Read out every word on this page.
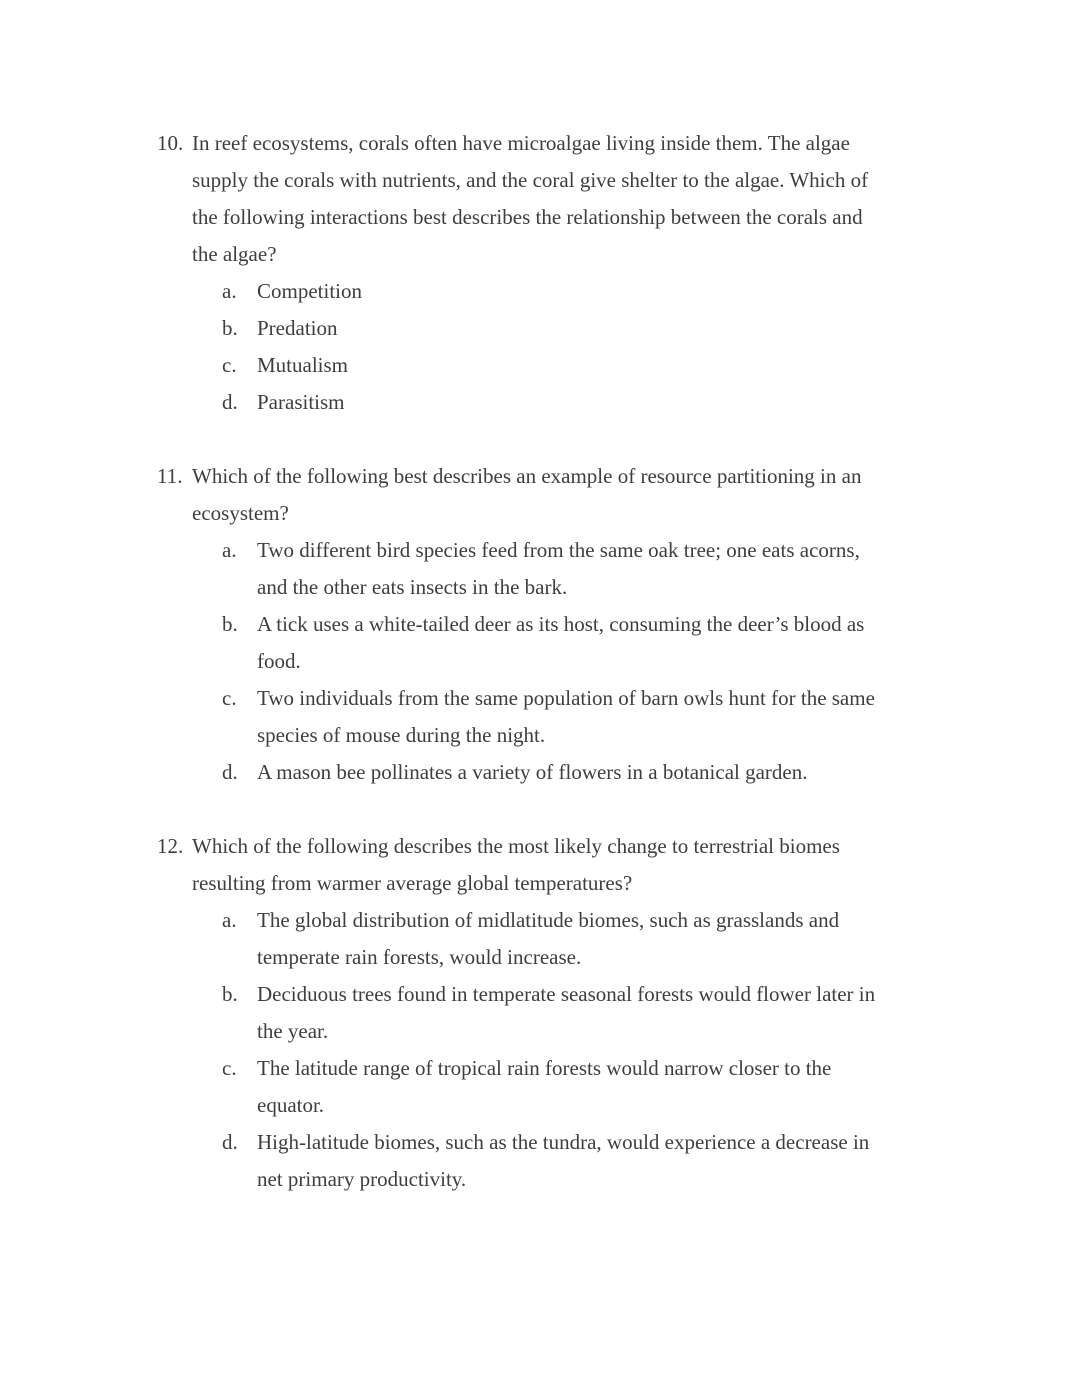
10. In reef ecosystems, corals often have microalgae living inside them. The algae
supply the corals with nutrients, and the coral give shelter to the algae. Which of
the following interactions best describes the relationship between the corals and
the algae?
a. Competition
b. Predation
c. Mutualism
d. Parasitism
11. Which of the following best describes an example of resource partitioning in an
ecosystem?
a. Two different bird species feed from the same oak tree; one eats acorns,
and the other eats insects in the bark.
b. A tick uses a white-tailed deer as its host, consuming the deer’s blood as
food.
c. Two individuals from the same population of barn owls hunt for the same
species of mouse during the night.
d. A mason bee pollinates a variety of flowers in a botanical garden.
12. Which of the following describes the most likely change to terrestrial biomes
resulting from warmer average global temperatures?
a. The global distribution of midlatitude biomes, such as grasslands and
temperate rain forests, would increase.
b. Deciduous trees found in temperate seasonal forests would flower later in
the year.
c. The latitude range of tropical rain forests would narrow closer to the
equator.
d. High-latitude biomes, such as the tundra, would experience a decrease in
net primary productivity.
